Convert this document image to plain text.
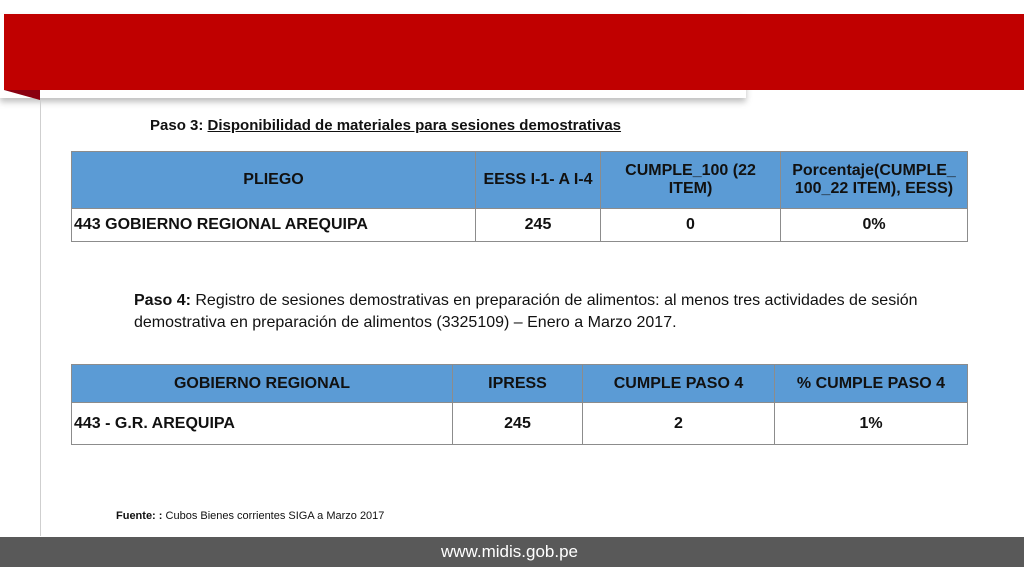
Paso 3: Disponibilidad de materiales para sesiones demostrativas
PLIEGO	EESS I-1- A I-4	CUMPLE_100 (22 ITEM)	Porcentaje(CUMPLE_ 100_22 ITEM), EESS)
443 GOBIERNO REGIONAL AREQUIPA	245	0	0%
Paso 4: Registro de sesiones demostrativas en preparación de alimentos: al menos tres actividades de sesión demostrativa en preparación de alimentos (3325109) – Enero a Marzo 2017.
GOBIERNO REGIONAL	IPRESS	CUMPLE PASO 4	% CUMPLE PASO 4
443 - G.R. AREQUIPA	245	2	1%
Fuente: : Cubos Bienes corrientes SIGA a Marzo 2017
www.midis.gob.pe
